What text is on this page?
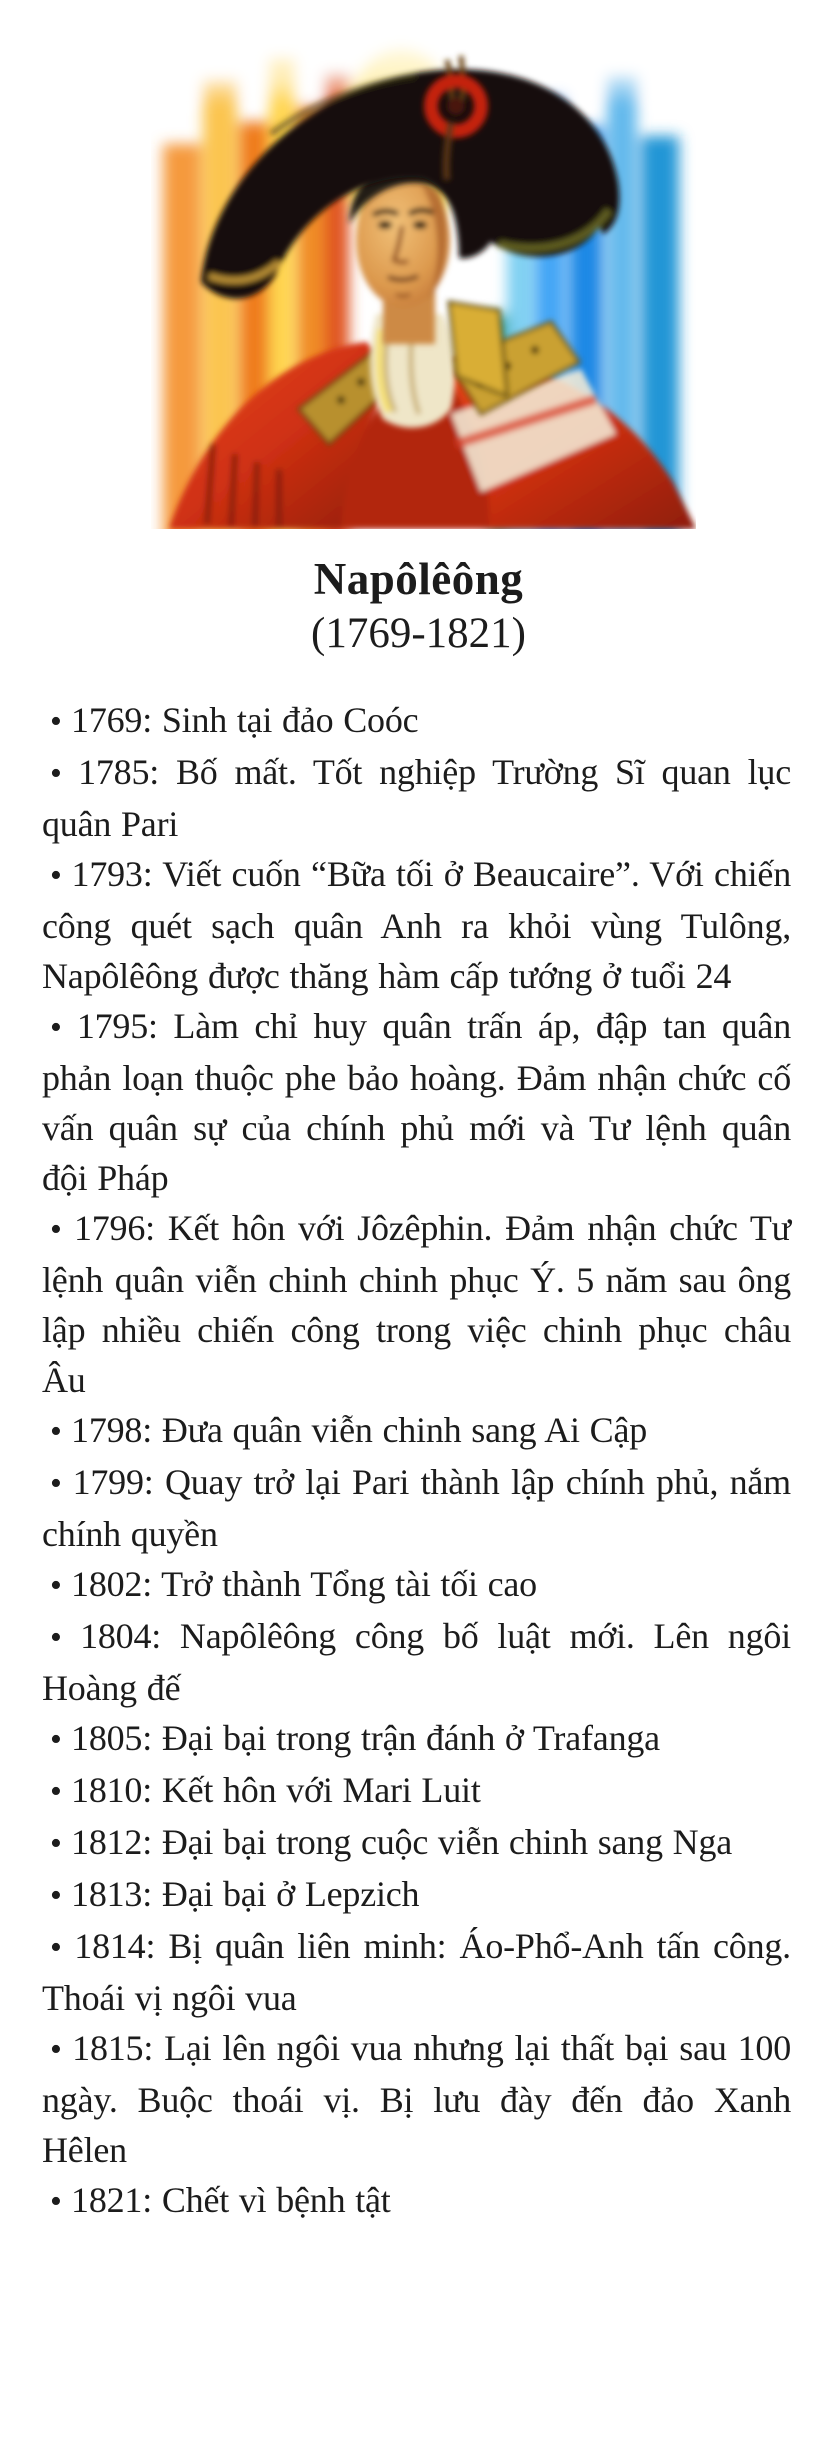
Napôlêông
(1769-1821)

• 1769: Sinh tại đảo Coóc

• 1785: Bố mất. Tốt nghiệp Trường Sĩ quan lục quân Pari

• 1793: Viết cuốn “Bữa tối ở Beaucaire”. Với chiến công quét sạch quân Anh ra khỏi vùng Tulông, Napôlêông được thăng hàm cấp tướng ở tuổi 24

• 1795: Làm chỉ huy quân trấn áp, đập tan quân phản loạn thuộc phe bảo hoàng. Đảm nhận chức cố vấn quân sự của chính phủ mới và Tư lệnh quân đội Pháp

• 1796: Kết hôn với Jôzêphin. Đảm nhận chức Tư lệnh quân viễn chinh chinh phục Ý. 5 năm sau ông lập nhiều chiến công trong việc chinh phục châu Âu

• 1798: Đưa quân viễn chinh sang Ai Cập

• 1799: Quay trở lại Pari thành lập chính phủ, nắm chính quyền

• 1802: Trở thành Tổng tài tối cao

• 1804: Napôlêông công bố luật mới. Lên ngôi Hoàng đế

• 1805: Đại bại trong trận đánh ở Trafanga

• 1810: Kết hôn với Mari Luit

• 1812: Đại bại trong cuộc viễn chinh sang Nga

• 1813: Đại bại ở Lepzich

• 1814: Bị quân liên minh: Áo-Phổ-Anh tấn công. Thoái vị ngôi vua

• 1815: Lại lên ngôi vua nhưng lại thất bại sau 100 ngày. Buộc thoái vị. Bị lưu đày đến đảo Xanh Hêlen

• 1821: Chết vì bệnh tật
